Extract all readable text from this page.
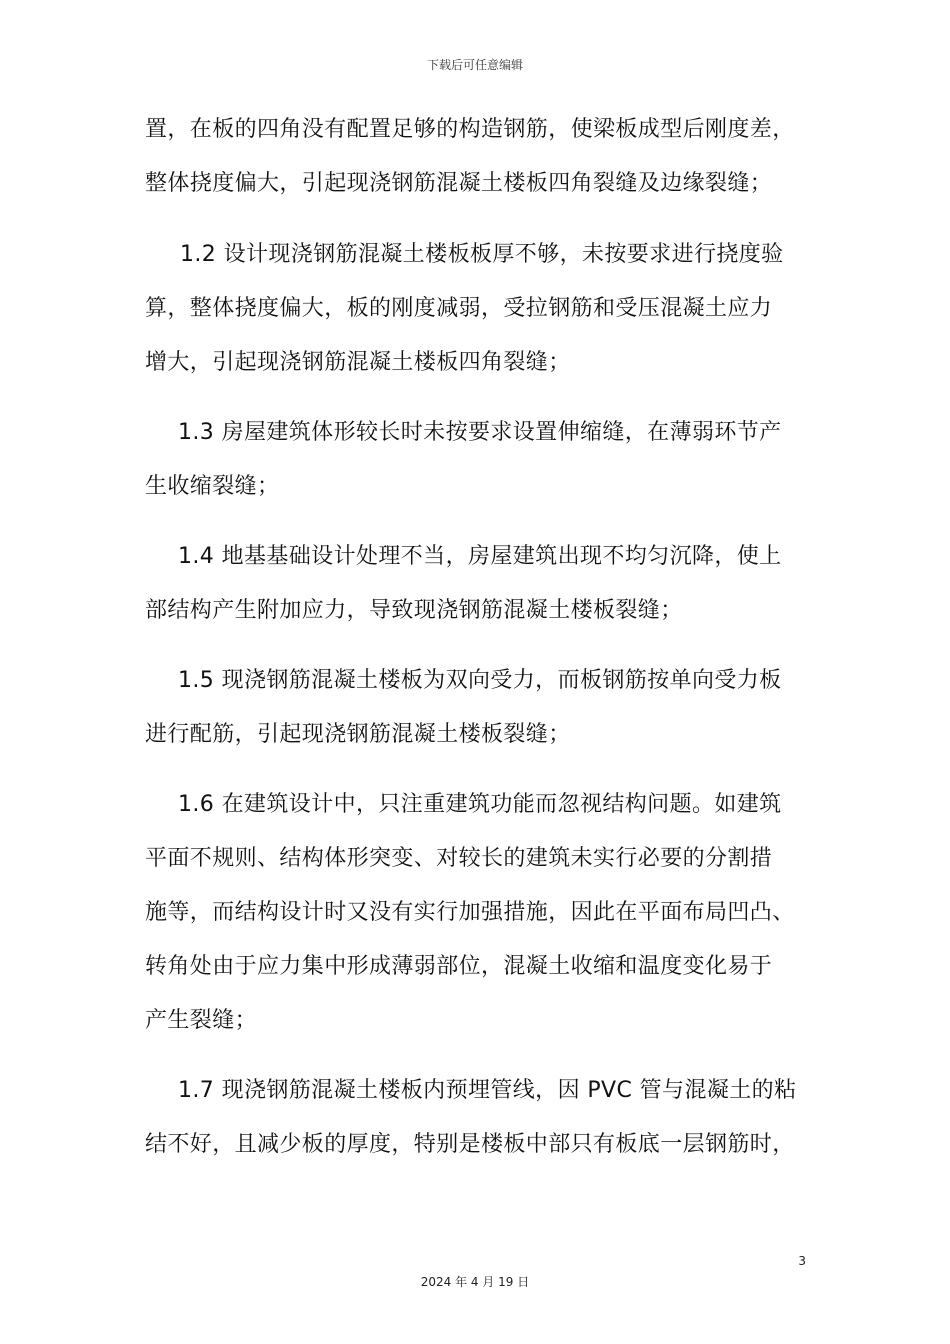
下载后可任意编辑
置，在板的四角没有配置足够的构造钢筋，使梁板成型后刚度差，
整体挠度偏大，引起现浇钢筋混凝土楼板四角裂缝及边缘裂缝；
1.2 设计现浇钢筋混凝土楼板板厚不够，未按要求进行挠度验
算，整体挠度偏大，板的刚度减弱，受拉钢筋和受压混凝土应力
增大，引起现浇钢筋混凝土楼板四角裂缝；
1.3 房屋建筑体形较长时未按要求设置伸缩缝，在薄弱环节产
生收缩裂缝；
1.4 地基基础设计处理不当，房屋建筑出现不均匀沉降，使上
部结构产生附加应力，导致现浇钢筋混凝土楼板裂缝；
1.5 现浇钢筋混凝土楼板为双向受力，而板钢筋按单向受力板
进行配筋，引起现浇钢筋混凝土楼板裂缝；
1.6 在建筑设计中，只注重建筑功能而忽视结构问题。如建筑
平面不规则、结构体形突变、对较长的建筑未实行必要的分割措
施等，而结构设计时又没有实行加强措施，因此在平面布局凹凸、
转角处由于应力集中形成薄弱部位，混凝土收缩和温度变化易于
产生裂缝；
1.7 现浇钢筋混凝土楼板内预埋管线，因 PVC 管与混凝土的粘
结不好，且减少板的厚度，特别是楼板中部只有板底一层钢筋时，
3
2024 年 4 月 19 日
